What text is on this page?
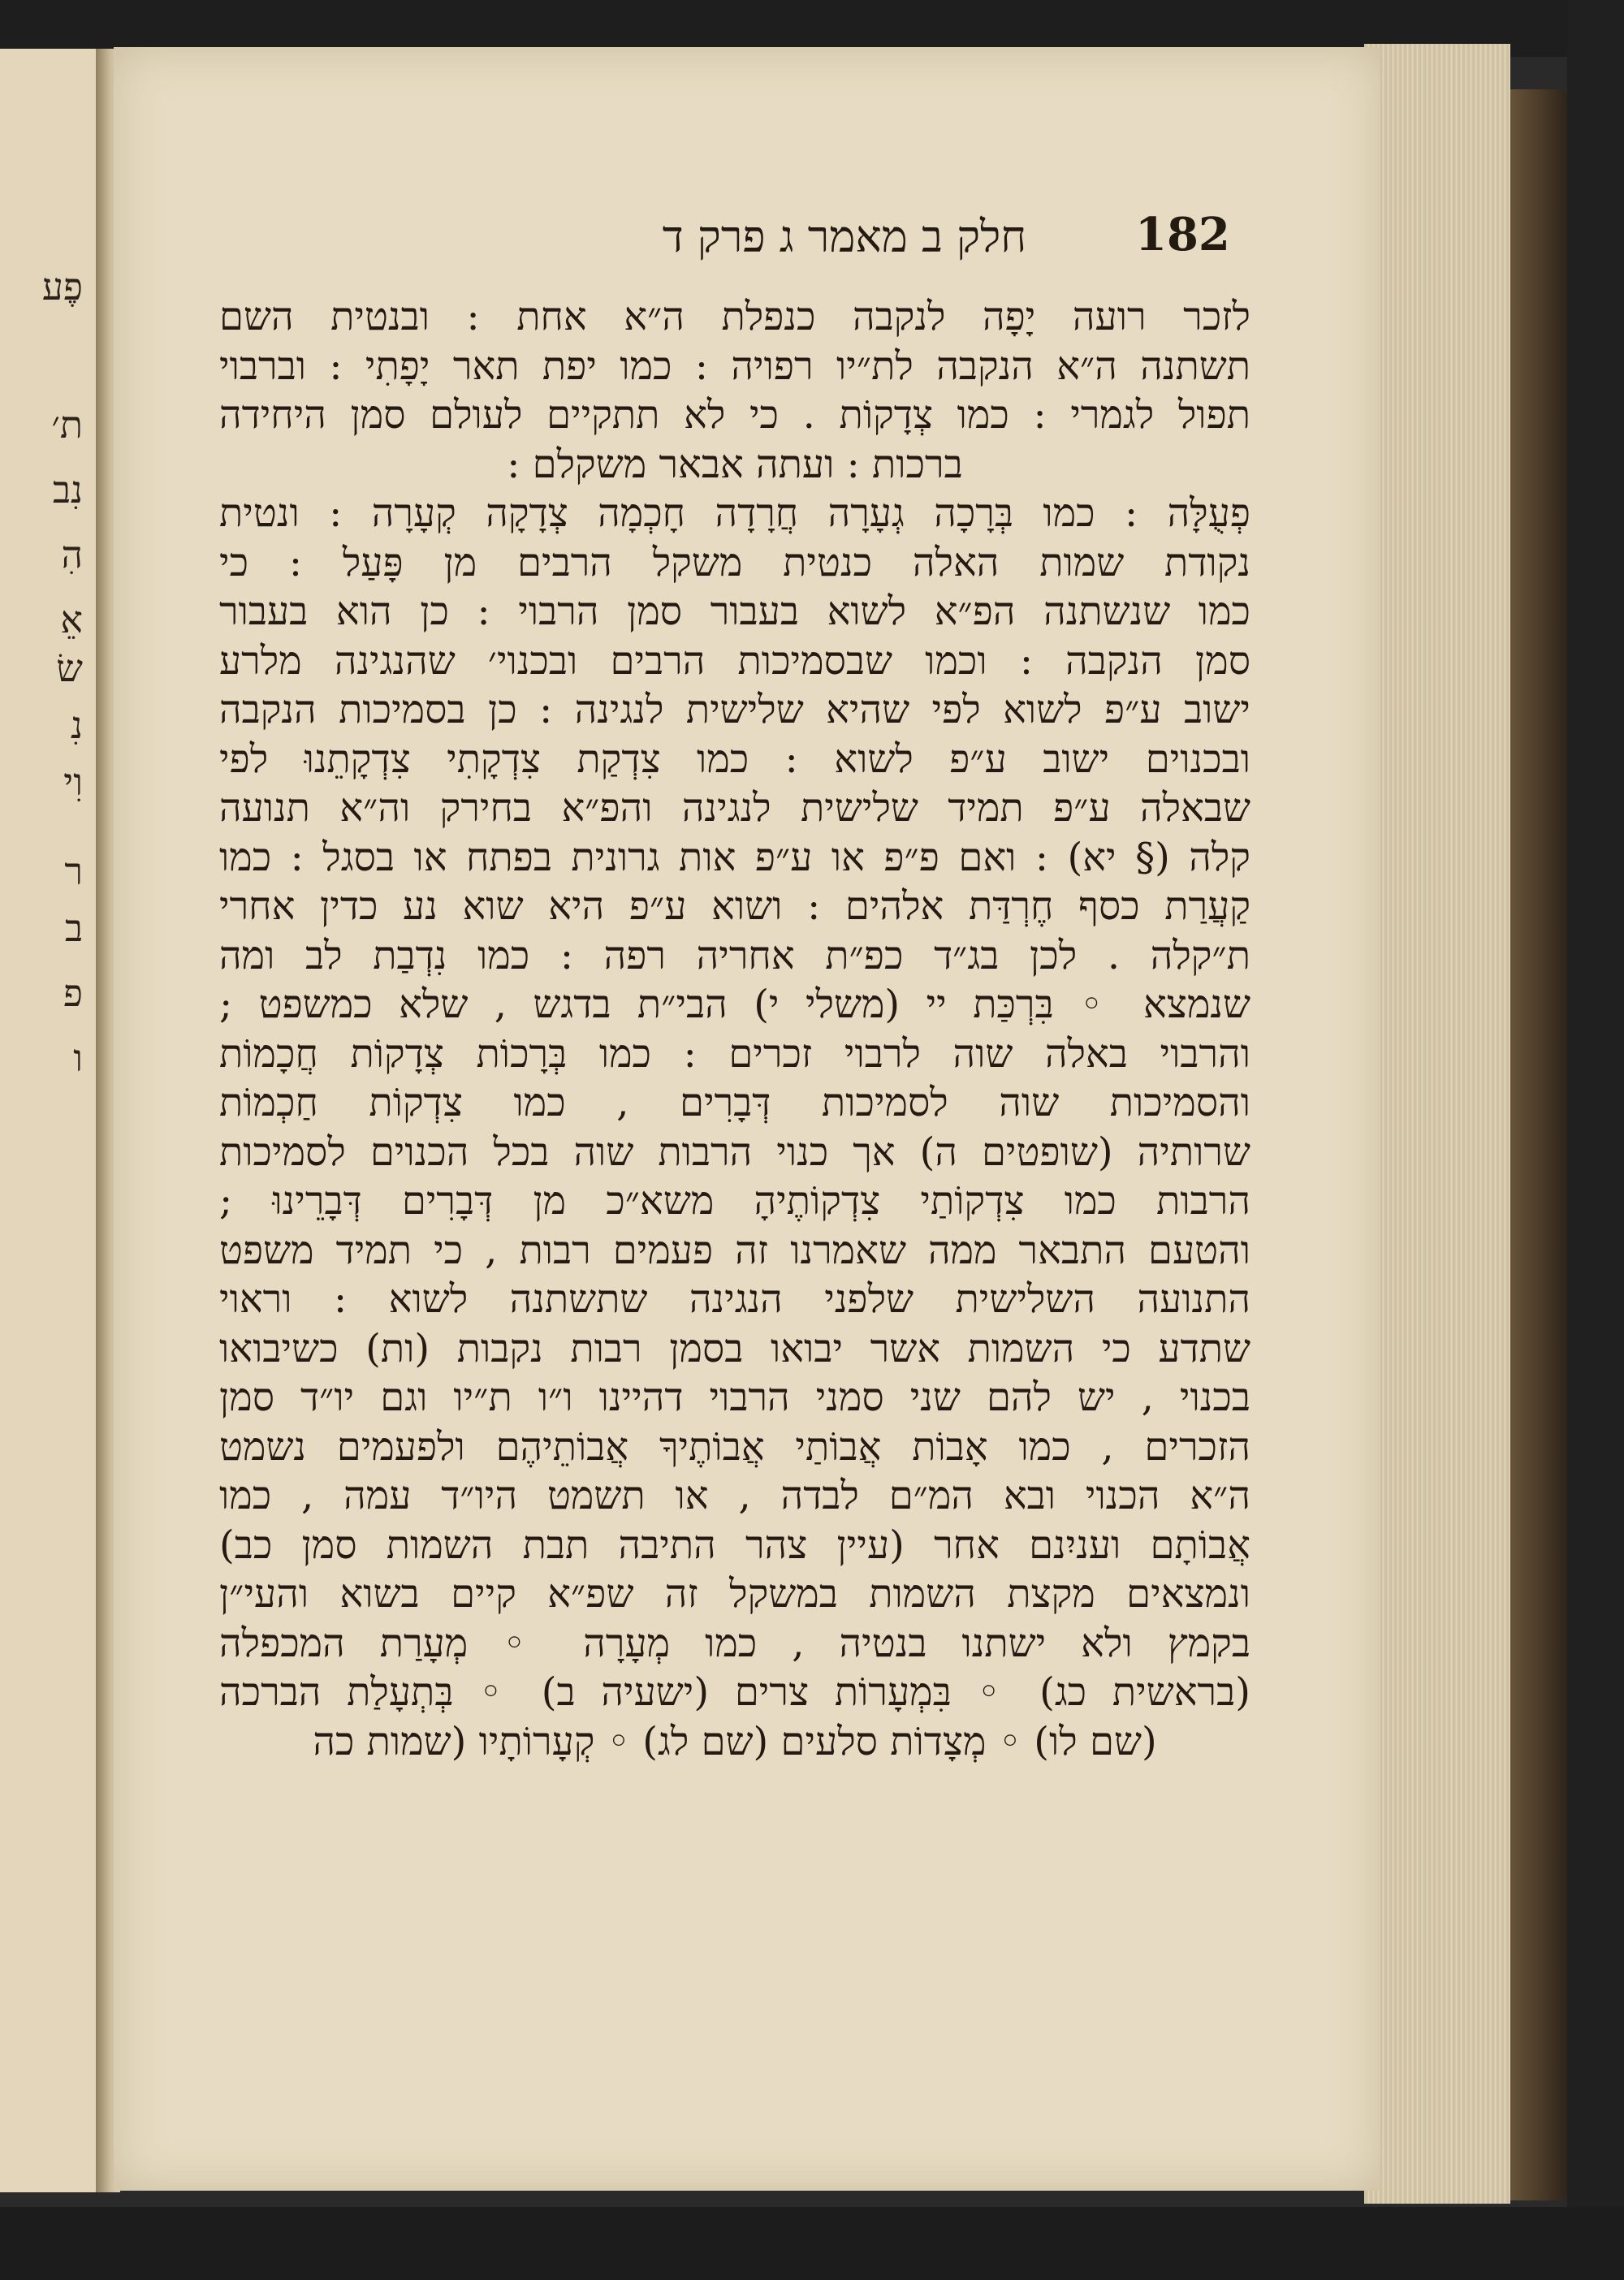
פֶע
ת׳
נִב
הִ
אֵ
שׂ
נִ
וִי
ר
ב
פ
ו
חלק ב מאמר ג פרק ד	182
לזכר רועה יָפָה לנקבה כנפלת ה״א אחת : ובנטית השם
תשתנה ה״א הנקבה לת״יו רפויה : כמו יפת תאר יָפָתִי : וברבוי
תפול לגמרי : כמו צְדָקוֹת . כי לא תתקיים לעולם סמן היחידה
ברכות : ועתה אבאר משקלם :
פְעֻלָּה : כמו בְּרָכָה גְעָרָה חֲרָדָה חָכְמָה צְדָקָה קְעָרָה : ונטית
נקודת שמות האלה כנטית משקל הרבים מן פָּעַל : כי
כמו שנשתנה הפ״א לשוא בעבור סמן הרבוי : כן הוא בעבור
סמן הנקבה : וכמו שבסמיכות הרבים ובכנוי׳ שהנגינה מלרע
ישוב ע״פ לשוא לפי שהיא שלישית לנגינה : כן בסמיכות הנקבה
ובכנוים ישוב ע״פ לשוא : כמו צִדְקַת צִדְקָתִי צִדְקָתֵנוּ לפי
שבאלה ע״פ תמיד שלישית לנגינה והפ״א בחירק וה״א תנועה
קלה (§ יא) : ואם פ״פ או ע״פ אות גרונית בפתח או בסגל : כמו
קַעֲרַת כסף חֶרְדַּת אלהים : ושוא ע״פ היא שוא נע כדין אחרי
ת״קלה . לכן בג״ד כפ״ת אחריה רפה : כמו נִדְבַת לב ומה
שנמצא ◦ בִּרְכַּת יי (משלי י) הבי״ת בדגש , שלא כמשפט ;
והרבוי באלה שוה לרבוי זכרים : כמו בְּרָכוֹת צְדָקוֹת חֲכָמוֹת
והסמיכות שוה לסמיכות דְּבָרִים , כמו צִדְקוֹת חַכְמוֹת
שרותיה (שופטים ה) אך כנוי הרבות שוה בכל הכנוים לסמיכות
הרבות כמו צִדְקוֹתַי צִדְקוֹתֶיהָ משא״כ מן דְּבָרִים דְּבָרֵינוּ ;
והטעם התבאר ממה שאמרנו זה פעמים רבות , כי תמיד משפט
התנועה השלישית שלפני הנגינה שתשתנה לשוא : וראוי
שתדע כי השמות אשר יבואו בסמן רבות נקבות (ות) כשיבואו
בכנוי , יש להם שני סמני הרבוי דהיינו ו״ו ת״יו וגם יו״ד סמן
הזכרים , כמו אָבוֹת אֲבוֹתַי אֲבוֹתֶיךָ אֲבוֹתֵיהֶם ולפעמים נשמט
ה״א הכנוי ובא המ״ם לבדה , או תשמט היו״ד עמה , כמו
אֲבוֹתָם ועניִנם אחר (עיין צהר התיבה תבת השמות סמן כב)
ונמצאים מקצת השמות במשקל זה שפ״א קיים בשוא והעי״ן
בקמץ ולא ישתנו בנטיה , כמו מְעָרָה ◦ מְעָרַת המכפלה
(בראשית כג) ◦ בִּמְעָרוֹת צרים (ישעיה ב) ◦ בְּתְעָלַת הברכה
(שם לו) ◦ מְצָדוֹת סלעים (שם לג) ◦ קְעָרוֹתָיו (שמות כה
